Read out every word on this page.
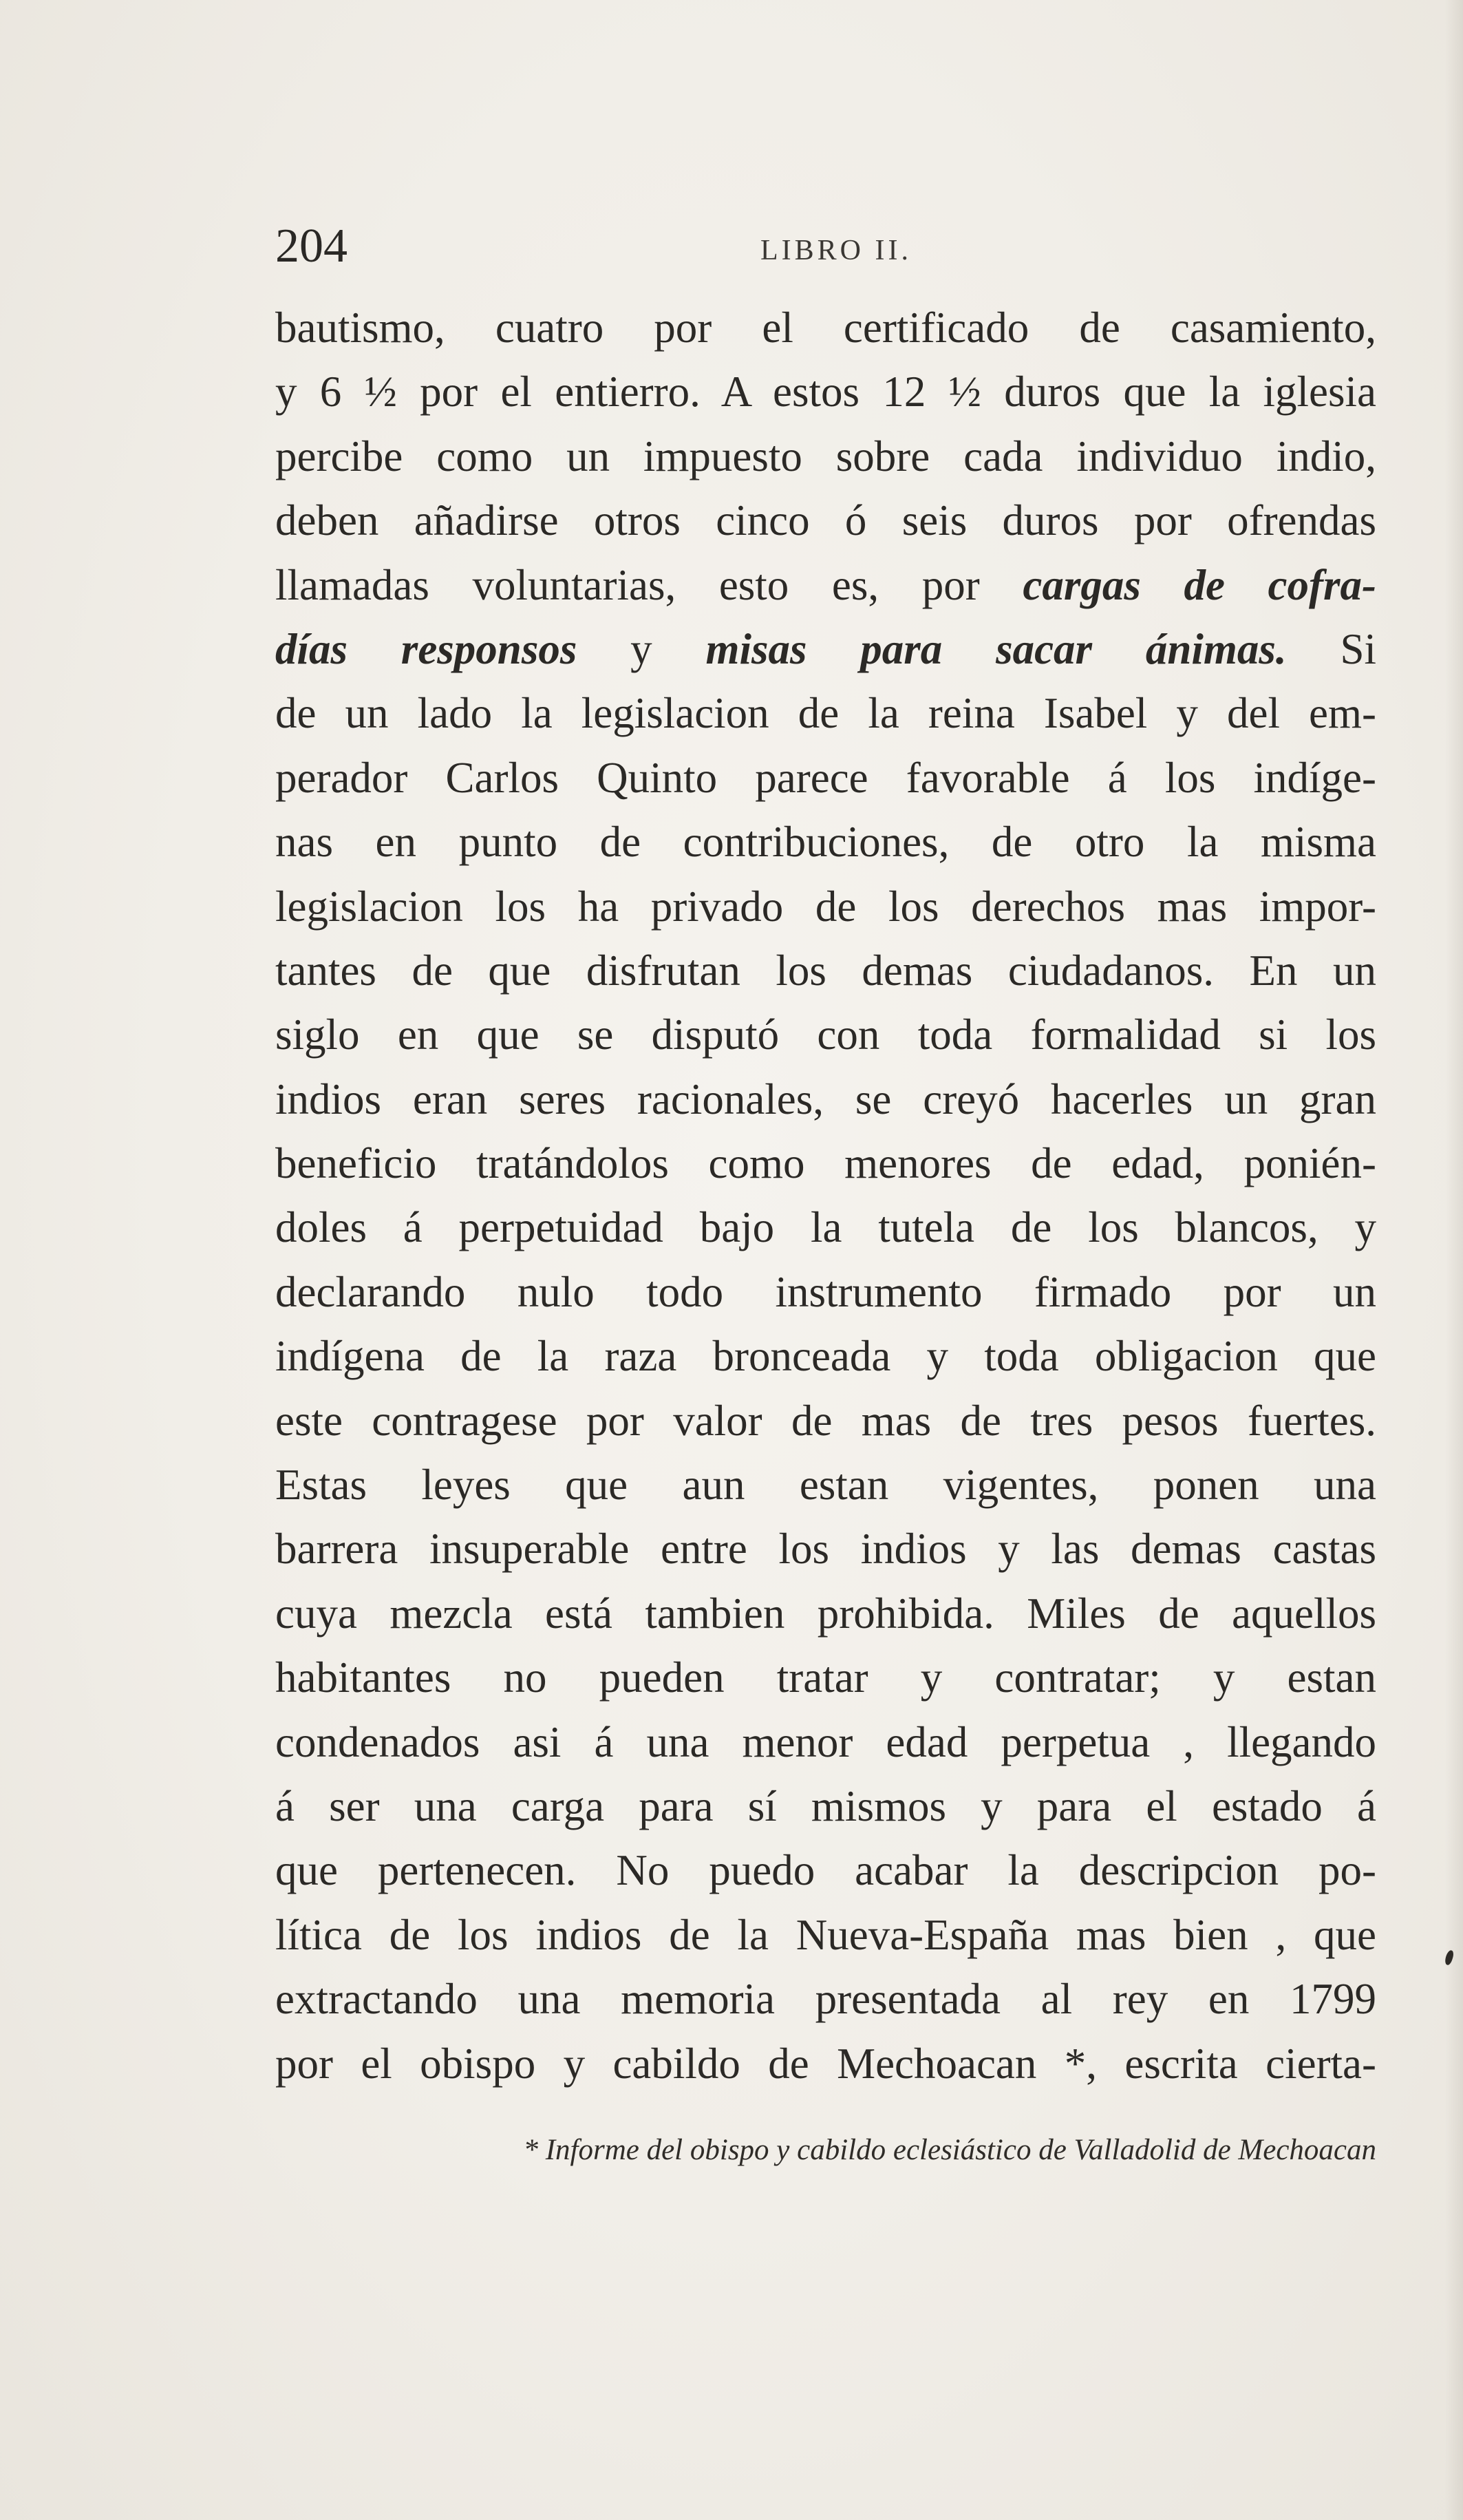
204	LIBRO II.
bautismo, cuatro por el certificado de casamiento,
y 6 ½ por el entierro. A estos 12 ½ duros que la iglesia
percibe como un impuesto sobre cada individuo indio,
deben añadirse otros cinco ó seis duros por ofrendas
llamadas voluntarias, esto es, por cargas de cofra-
días responsos y misas para sacar ánimas. Si
de un lado la legislacion de la reina Isabel y del em-
perador Carlos Quinto parece favorable á los indíge-
nas en punto de contribuciones, de otro la misma
legislacion los ha privado de los derechos mas impor-
tantes de que disfrutan los demas ciudadanos. En un
siglo en que se disputó con toda formalidad si los
indios eran seres racionales, se creyó hacerles un gran
beneficio tratándolos como menores de edad, ponién-
doles á perpetuidad bajo la tutela de los blancos, y
declarando nulo todo instrumento firmado por un
indígena de la raza bronceada y toda obligacion que
este contragese por valor de mas de tres pesos fuertes.
Estas leyes que aun estan vigentes, ponen una
barrera insuperable entre los indios y las demas castas
cuya mezcla está tambien prohibida. Miles de aquellos
habitantes no pueden tratar y contratar; y estan
condenados asi á una menor edad perpetua , llegando
á ser una carga para sí mismos y para el estado á
que pertenecen. No puedo acabar la descripcion po-
lítica de los indios de la Nueva-España mas bien , que
extractando una memoria presentada al rey en 1799
por el obispo y cabildo de Mechoacan *, escrita cierta-
* Informe del obispo y cabildo eclesiástico de Valladolid de Mechoacan
